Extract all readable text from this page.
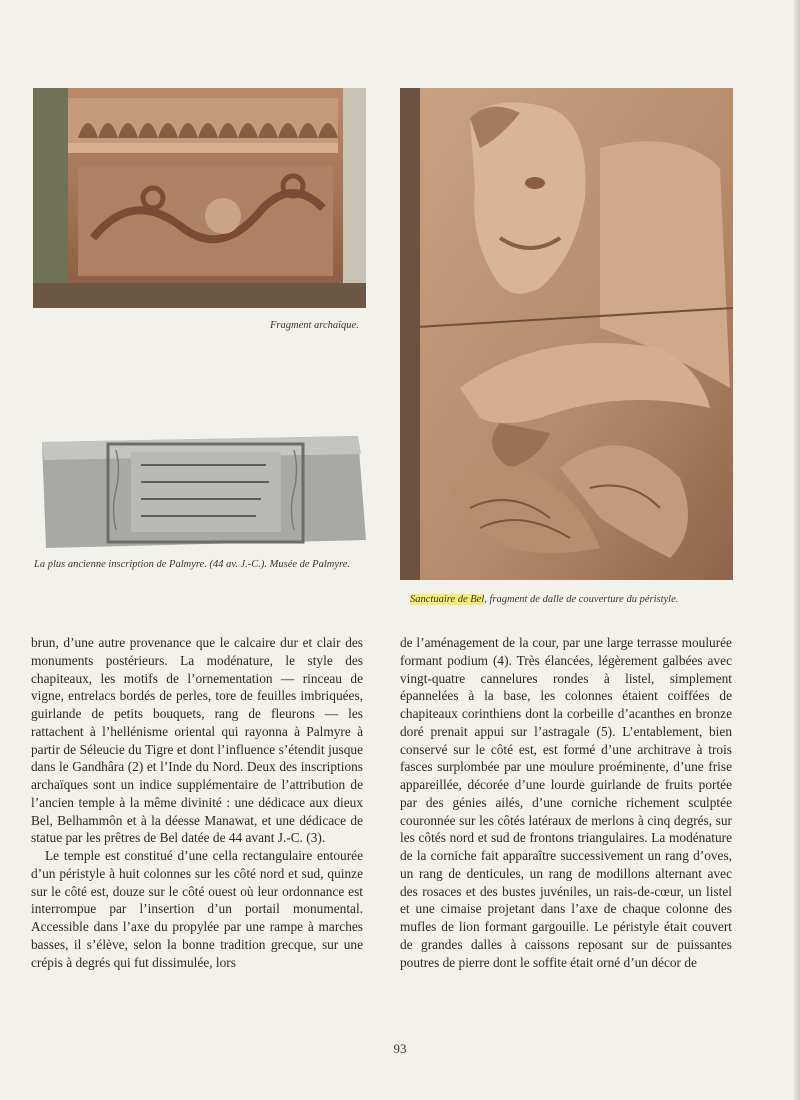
Fragment archaïque.
La plus ancienne inscription de Palmyre. (44 av. J.-C.). Musée de Palmyre.
Sanctuaire de Bel, fragment de dalle de couverture du péristyle.

brun, d’une autre provenance que le calcaire dur et clair des monuments postérieurs. La modénature, le style des chapiteaux, les motifs de l’ornementation — rinceau de vigne, entrelacs bordés de perles, tore de feuilles imbriquées, guirlande de petits bouquets, rang de fleurons — les rattachent à l’hellénisme oriental qui rayonna à Palmyre à partir de Séleucie du Tigre et dont l’influence s’étendit jusque dans le Gandhâra (2) et l’Inde du Nord. Deux des inscriptions archaïques sont un indice supplémentaire de l’attribution de l’ancien temple à la même divinité : une dédicace aux dieux Bel, Belhammôn et à la déesse Manawat, et une dédicace de statue par les prêtres de Bel datée de 44 avant J.-C. (3).

Le temple est constitué d’une cella rectangulaire entourée d’un péristyle à huit colonnes sur les côté nord et sud, quinze sur le côté est, douze sur le côté ouest où leur ordonnance est interrompue par l’insertion d’un portail monumental. Accessible dans l’axe du propylée par une rampe à marches basses, il s’élève, selon la bonne tradition grecque, sur une crépis à degrés qui fut dissimulée, lors

de l’aménagement de la cour, par une large terrasse moulurée formant podium (4). Très élancées, légèrement galbées avec vingt-quatre cannelures rondes à listel, simplement épannelées à la base, les colonnes étaient coiffées de chapiteaux corinthiens dont la corbeille d’acanthes en bronze doré prenait appui sur l’astragale (5). L’entablement, bien conservé sur le côté est, est formé d’une architrave à trois fasces surplombée par une moulure proéminente, d’une frise appareillée, décorée d’une lourde guirlande de fruits portée par des génies ailés, d’une corniche richement sculptée couronnée sur les côtés latéraux de merlons à cinq degrés, sur les côtés nord et sud de frontons triangulaires. La modénature de la corniche fait apparaître successivement un rang d’oves, un rang de denticules, un rang de modillons alternant avec des rosaces et des bustes juvéniles, un rais-de-cœur, un listel et une cimaise projetant dans l’axe de chaque colonne des mufles de lion formant gargouille. Le péristyle était couvert de grandes dalles à caissons reposant sur de puissantes poutres de pierre dont le soffite était orné d’un décor de

93
